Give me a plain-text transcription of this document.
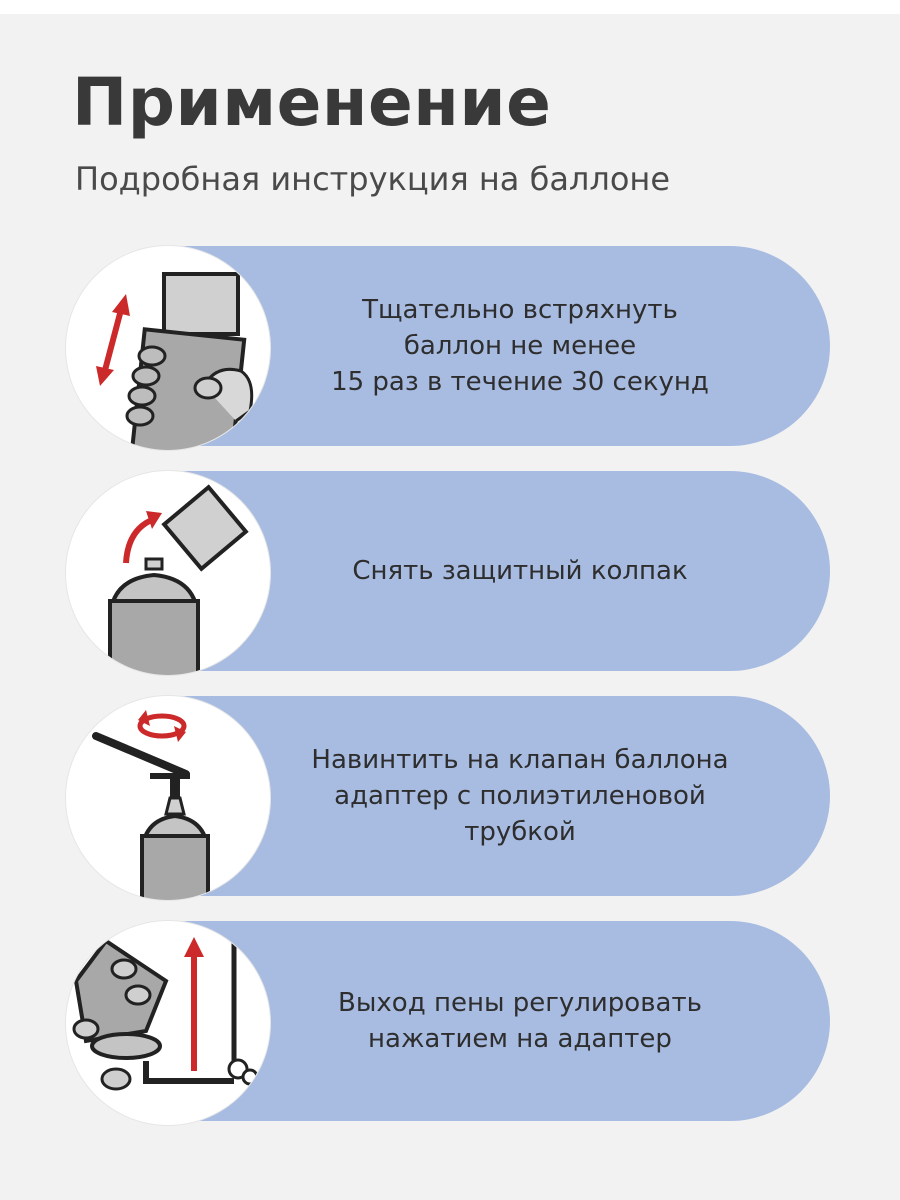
Применение

Подробная инструкция на баллоне

Тщательно встряхнуть
баллон не менее
15 раз в течение 30 секунд
Снять защитный колпак
Навинтить на клапан баллона
адаптер с полиэтиленовой
трубкой
Выход пены регулировать
нажатием на адаптер
